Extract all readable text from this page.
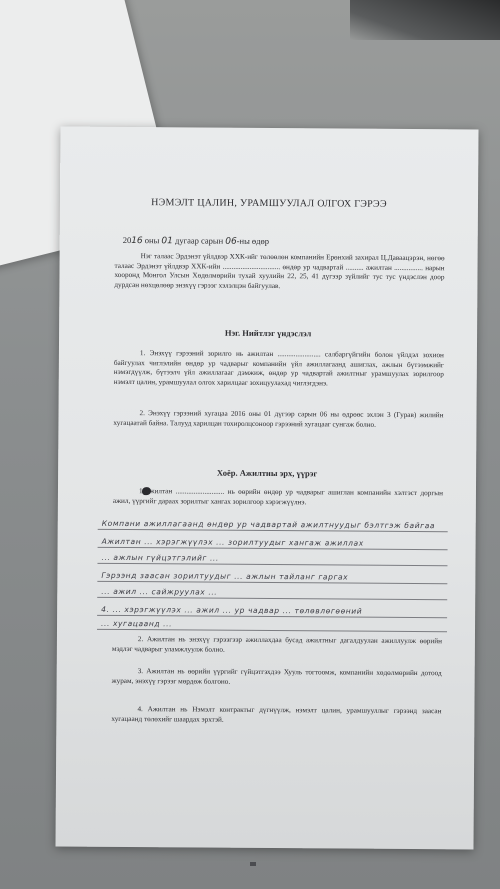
НЭМЭЛТ ЦАЛИН, УРАМШУУЛАЛ ОЛГОХ ГЭРЭЭ
2016 оны 01 дугаар сарын 06-ны өдөр
Нэг талаас Эрдэнэт үйлдвэр ХХК-ийг төлөөлөн компанийн Ерөнхий захирал Ц.Даваацэрэн, нөгөө талаас Эрдэнэт үйлдвэр ХХК-ийн ................................ өндөр ур чадвартай .......... ажилтан ................ нарын хооронд Монгол Улсын Хөдөлмөрийн тухай хуулийн 22, 25, 41 дүгээр зүйлийг тус тус үндэслэн доор дурдсан нөхцөлөөр энэхүү гэрээг хэлэлцэн байгуулав.
Нэг. Нийтлэг үндэслэл
1. Энэхүү гэрээний зорилго нь ажилтан ........................ салбаргүйгийн болон үйлдэл зохион байгуулах чиглэлийн өндөр ур чадварыг компанийн үйл ажиллагаанд ашиглах, ажлын бүтээмжийг нэмэгдүүлж, бүтээлч үйл ажиллагааг дэмжиж, өндөр ур чадвартай ажилтныг урамшуулах зорилгоор нэмэлт цалин, урамшуулал олгох харилцааг зохицуулахад чиглэгдэнэ.
2. Энэхүү гэрээний хугацаа 2016 оны 01 дүгээр сарын 06 ны өдрөөс эхлэн 3 (Гурав) жилийн хугацаатай байна. Талууд харилцан тохиролцсоноор гэрээний хугацааг сунгаж болно.
Хоёр. Ажилтны эрх, үүрэг
1.Ажилтан ........................... нь өөрийн өндөр ур чадварыг ашиглан компанийн хэлтэст доргын ажил, үүргийг дараах зорилтыг хангах зорилгоор хэрэгжүүлнэ.
Компани ажиллагаанд өндөр ур чадвартай ажилтнуудыг бэлтгэж байгаа
Ажилтан ... хэрэгжүүлэх ... зорилтуудыг хангаж ажиллах
... ажлын гүйцэтгэлийг ...
Гэрээнд заасан зорилтуудыг ... ажлын тайланг гаргах
... ажил ... сайжруулах ...
4. ... хэрэгжүүлэх ... ажил ... ур чадвар ... төлөвлөгөөний
... хугацаанд ...
2. Ажилтан нь энэхүү гэрээгээр ажиллахдаа бусад ажилтныг дагалдуулан ажиллуулж өөрийн мэдлэг чадварыг уламжлуулж болно.
3. Ажилтан нь өөрийн үүргийг гүйцэтгэхдээ Хууль тогтоомж, компанийн хөдөлмөрийн дотоод журам, энэхүү гэрээг мөрдөж болгоно.
4. Ажилтан нь Нэмэлт контрактыг дүгнүүлж, нэмэлт цалин, урамшууллыг гэрээнд заасан хугацаанд төлөхийг шаардах эрхтэй.
